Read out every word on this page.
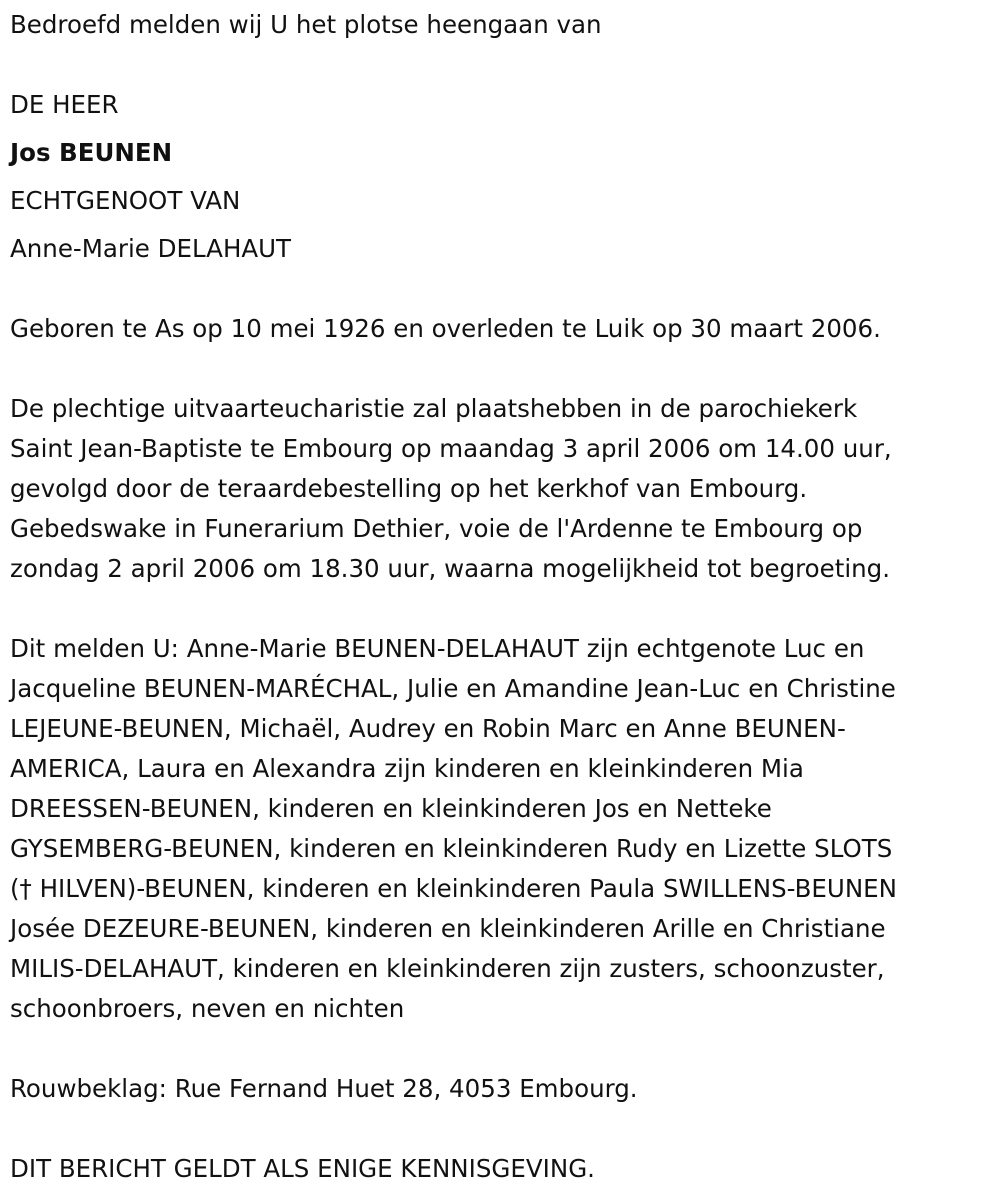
Bedroefd melden wij U het plotse heengaan van
DE HEER
Jos BEUNEN
ECHTGENOOT VAN
Anne-Marie DELAHAUT
Geboren te As op 10 mei 1926 en overleden te Luik op 30 maart 2006.
De plechtige uitvaarteucharistie zal plaatshebben in de parochiekerk
Saint Jean-Baptiste te Embourg op maandag 3 april 2006 om 14.00 uur,
gevolgd door de teraardebestelling op het kerkhof van Embourg.
Gebedswake in Funerarium Dethier, voie de l'Ardenne te Embourg op
zondag 2 april 2006 om 18.30 uur, waarna mogelijkheid tot begroeting.
Dit melden U: Anne-Marie BEUNEN-DELAHAUT zijn echtgenote Luc en
Jacqueline BEUNEN-MARÉCHAL, Julie en Amandine Jean-Luc en Christine
LEJEUNE-BEUNEN, Michaël, Audrey en Robin Marc en Anne BEUNEN-
AMERICA, Laura en Alexandra zijn kinderen en kleinkinderen Mia
DREESSEN-BEUNEN, kinderen en kleinkinderen Jos en Netteke
GYSEMBERG-BEUNEN, kinderen en kleinkinderen Rudy en Lizette SLOTS
(† HILVEN)-BEUNEN, kinderen en kleinkinderen Paula SWILLENS-BEUNEN
Josée DEZEURE-BEUNEN, kinderen en kleinkinderen Arille en Christiane
MILIS-DELAHAUT, kinderen en kleinkinderen zijn zusters, schoonzuster,
schoonbroers, neven en nichten
Rouwbeklag: Rue Fernand Huet 28, 4053 Embourg.
DIT BERICHT GELDT ALS ENIGE KENNISGEVING.
